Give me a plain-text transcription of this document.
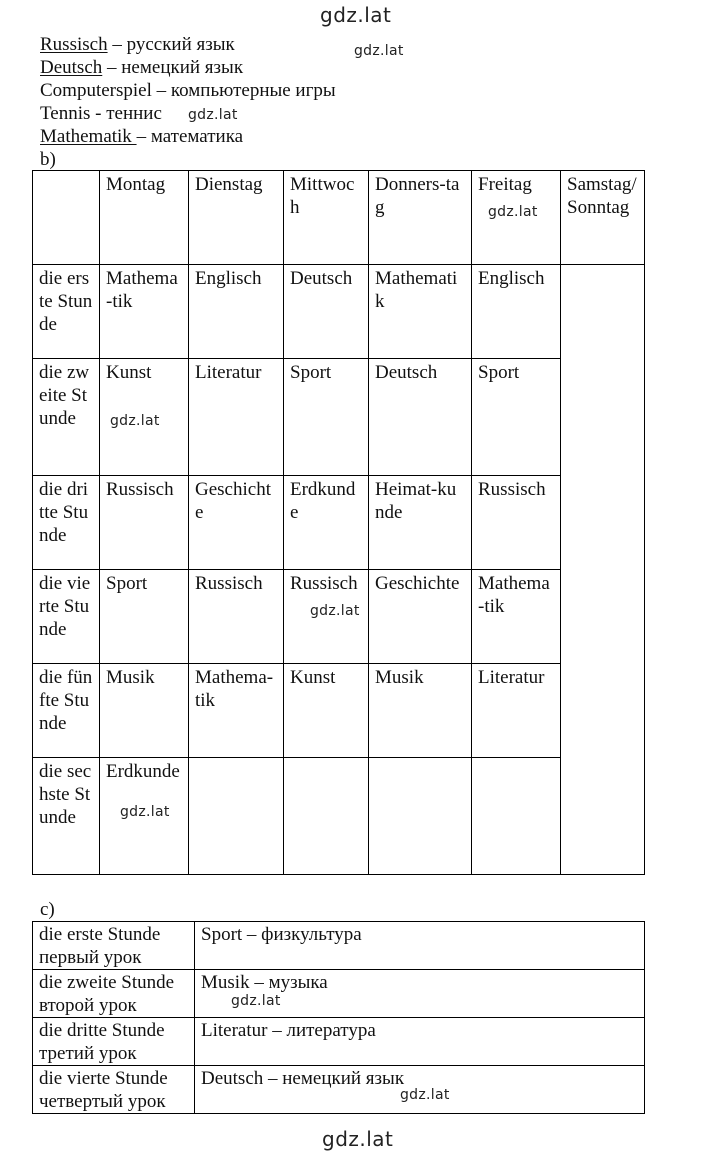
gdz.lat
gdz.lat
Russisch – русский язык
Deutsch – немецкий язык
Computerspiel – компьютерные игры
Tennis - теннис
Mathematik – математика
gdz.lat
b)
	Montag	Dienstag	Mittwoch	Donners-tag	Freitag	Samstag/ Sonntag
die erste Stunde	Mathema-tik	Englisch	Deutsch	Mathematik	Englisch	
die zweite Stunde	Kunst	Literatur	Sport	Deutsch	Sport	
die dritte Stunde	Russisch	Geschichte	Erdkunde	Heimat-kunde	Russisch	
die vierte Stunde	Sport	Russisch	Russisch	Geschichte	Mathema-tik	
die fünfte Stunde	Musik	Mathema-tik	Kunst	Musik	Literatur	
die sechste Stunde	Erdkunde					
gdz.lat
gdz.lat
gdz.lat
gdz.lat
c)
die erste Stunde
первый урок	Sport – физкультура

die zweite Stunde
второй урок	Musik – музыка

die dritte Stunde
третий урок	Literatur – литература

die vierte Stunde
четвертый урок	Deutsch – немецкий язык
gdz.lat
gdz.lat
gdz.lat
